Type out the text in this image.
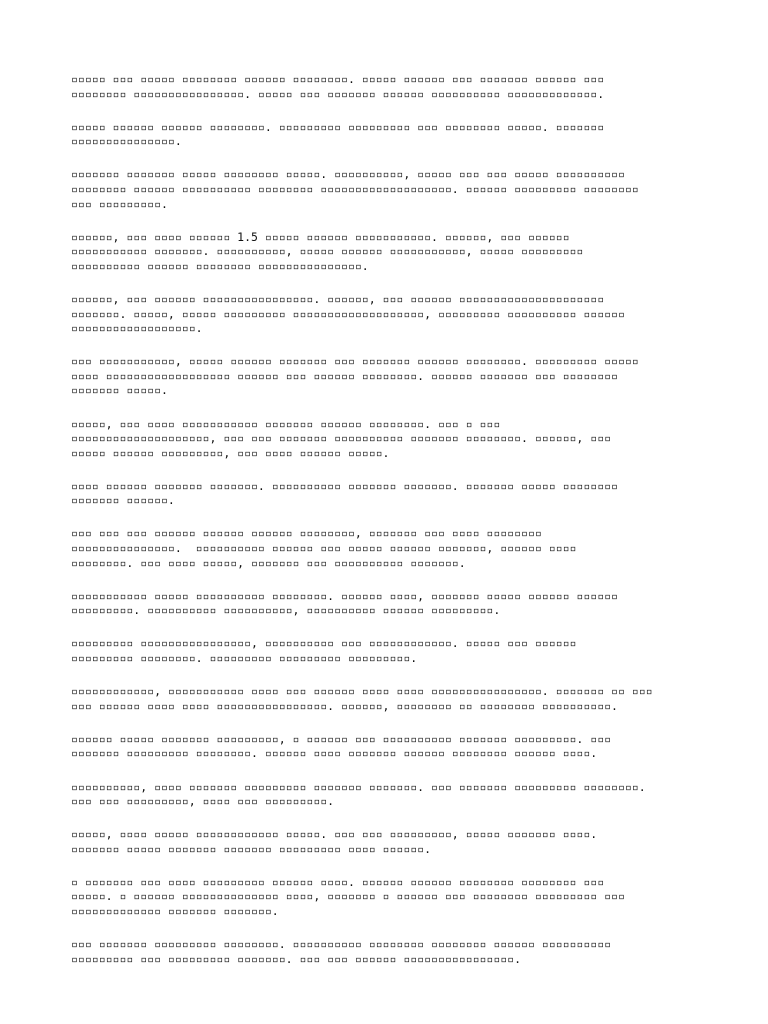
▫▫▫▫▫ ▫▫▫ ▫▫▫▫▫ ▫▫▫▫▫▫▫▫ ▫▫▫▫▫▫ ▫▫▫▫▫▫▫▫. ▫▫▫▫▫ ▫▫▫▫▫▫ ▫▫▫ ▫▫▫▫▫▫▫ ▫▫▫▫▫▫ ▫▫▫
▫▫▫▫▫▫▫▫ ▫▫▫▫▫▫▫▫▫▫▫▫▫▫▫▫. ▫▫▫▫▫ ▫▫▫ ▫▫▫▫▫▫▫ ▫▫▫▫▫▫ ▫▫▫▫▫▫▫▫▫▫ ▫▫▫▫▫▫▫▫▫▫▫▫▫.

▫▫▫▫▫ ▫▫▫▫▫▫ ▫▫▫▫▫▫ ▫▫▫▫▫▫▫▫. ▫▫▫▫▫▫▫▫▫ ▫▫▫▫▫▫▫▫▫ ▫▫▫ ▫▫▫▫▫▫▫▫ ▫▫▫▫▫. ▫▫▫▫▫▫▫
▫▫▫▫▫▫▫▫▫▫▫▫▫▫▫.

▫▫▫▫▫▫▫ ▫▫▫▫▫▫▫ ▫▫▫▫▫ ▫▫▫▫▫▫▫▫ ▫▫▫▫▫. ▫▫▫▫▫▫▫▫▫▫, ▫▫▫▫▫ ▫▫▫ ▫▫▫ ▫▫▫▫▫ ▫▫▫▫▫▫▫▫▫▫
▫▫▫▫▫▫▫▫ ▫▫▫▫▫▫ ▫▫▫▫▫▫▫▫▫▫ ▫▫▫▫▫▫▫▫ ▫▫▫▫▫▫▫▫▫▫▫▫▫▫▫▫▫▫▫. ▫▫▫▫▫▫ ▫▫▫▫▫▫▫▫▫ ▫▫▫▫▫▫▫▫
▫▫▫ ▫▫▫▫▫▫▫▫▫.

▫▫▫▫▫▫, ▫▫▫ ▫▫▫▫ ▫▫▫▫▫▫ 1.5 ▫▫▫▫▫ ▫▫▫▫▫▫ ▫▫▫▫▫▫▫▫▫▫▫. ▫▫▫▫▫▫, ▫▫▫ ▫▫▫▫▫▫
▫▫▫▫▫▫▫▫▫▫▫ ▫▫▫▫▫▫▫. ▫▫▫▫▫▫▫▫▫▫, ▫▫▫▫▫ ▫▫▫▫▫▫ ▫▫▫▫▫▫▫▫▫▫▫, ▫▫▫▫▫ ▫▫▫▫▫▫▫▫▫
▫▫▫▫▫▫▫▫▫▫ ▫▫▫▫▫▫ ▫▫▫▫▫▫▫▫ ▫▫▫▫▫▫▫▫▫▫▫▫▫▫▫.

▫▫▫▫▫▫, ▫▫▫ ▫▫▫▫▫▫ ▫▫▫▫▫▫▫▫▫▫▫▫▫▫▫▫. ▫▫▫▫▫▫, ▫▫▫ ▫▫▫▫▫▫ ▫▫▫▫▫▫▫▫▫▫▫▫▫▫▫▫▫▫▫▫▫
▫▫▫▫▫▫▫. ▫▫▫▫▫, ▫▫▫▫▫ ▫▫▫▫▫▫▫▫▫ ▫▫▫▫▫▫▫▫▫▫▫▫▫▫▫▫▫▫▫, ▫▫▫▫▫▫▫▫▫ ▫▫▫▫▫▫▫▫▫▫ ▫▫▫▫▫▫
▫▫▫▫▫▫▫▫▫▫▫▫▫▫▫▫▫▫.

▫▫▫ ▫▫▫▫▫▫▫▫▫▫▫, ▫▫▫▫▫ ▫▫▫▫▫▫ ▫▫▫▫▫▫▫ ▫▫▫ ▫▫▫▫▫▫▫ ▫▫▫▫▫▫ ▫▫▫▫▫▫▫▫. ▫▫▫▫▫▫▫▫▫ ▫▫▫▫▫
▫▫▫▫ ▫▫▫▫▫▫▫▫▫▫▫▫▫▫▫▫▫▫ ▫▫▫▫▫▫ ▫▫▫ ▫▫▫▫▫▫ ▫▫▫▫▫▫▫▫. ▫▫▫▫▫▫ ▫▫▫▫▫▫▫ ▫▫▫ ▫▫▫▫▫▫▫▫
▫▫▫▫▫▫▫ ▫▫▫▫▫.

▫▫▫▫▫, ▫▫▫ ▫▫▫▫ ▫▫▫▫▫▫▫▫▫▫▫ ▫▫▫▫▫▫▫ ▫▫▫▫▫▫ ▫▫▫▫▫▫▫▫. ▫▫▫ ▫ ▫▫▫
▫▫▫▫▫▫▫▫▫▫▫▫▫▫▫▫▫▫▫▫, ▫▫▫ ▫▫▫ ▫▫▫▫▫▫▫ ▫▫▫▫▫▫▫▫▫▫ ▫▫▫▫▫▫▫ ▫▫▫▫▫▫▫▫. ▫▫▫▫▫▫, ▫▫▫
▫▫▫▫▫ ▫▫▫▫▫▫ ▫▫▫▫▫▫▫▫▫, ▫▫▫ ▫▫▫▫ ▫▫▫▫▫▫ ▫▫▫▫▫.

▫▫▫▫ ▫▫▫▫▫▫ ▫▫▫▫▫▫▫ ▫▫▫▫▫▫▫. ▫▫▫▫▫▫▫▫▫▫ ▫▫▫▫▫▫▫ ▫▫▫▫▫▫▫. ▫▫▫▫▫▫▫ ▫▫▫▫▫ ▫▫▫▫▫▫▫▫
▫▫▫▫▫▫▫ ▫▫▫▫▫▫.

▫▫▫ ▫▫▫ ▫▫▫ ▫▫▫▫▫▫ ▫▫▫▫▫▫ ▫▫▫▫▫▫ ▫▫▫▫▫▫▫▫, ▫▫▫▫▫▫▫ ▫▫▫ ▫▫▫▫ ▫▫▫▫▫▫▫▫
▫▫▫▫▫▫▫▫▫▫▫▫▫▫▫.  ▫▫▫▫▫▫▫▫▫▫ ▫▫▫▫▫▫ ▫▫▫ ▫▫▫▫▫ ▫▫▫▫▫▫ ▫▫▫▫▫▫▫, ▫▫▫▫▫▫ ▫▫▫▫
▫▫▫▫▫▫▫▫. ▫▫▫ ▫▫▫▫ ▫▫▫▫▫, ▫▫▫▫▫▫▫ ▫▫▫ ▫▫▫▫▫▫▫▫▫▫ ▫▫▫▫▫▫▫.

▫▫▫▫▫▫▫▫▫▫▫ ▫▫▫▫▫ ▫▫▫▫▫▫▫▫▫▫ ▫▫▫▫▫▫▫▫. ▫▫▫▫▫▫ ▫▫▫▫, ▫▫▫▫▫▫▫ ▫▫▫▫▫ ▫▫▫▫▫▫ ▫▫▫▫▫▫
▫▫▫▫▫▫▫▫▫. ▫▫▫▫▫▫▫▫▫▫ ▫▫▫▫▫▫▫▫▫▫, ▫▫▫▫▫▫▫▫▫▫ ▫▫▫▫▫▫ ▫▫▫▫▫▫▫▫▫.

▫▫▫▫▫▫▫▫▫ ▫▫▫▫▫▫▫▫▫▫▫▫▫▫▫▫, ▫▫▫▫▫▫▫▫▫▫ ▫▫▫ ▫▫▫▫▫▫▫▫▫▫▫▫. ▫▫▫▫▫ ▫▫▫ ▫▫▫▫▫▫
▫▫▫▫▫▫▫▫▫ ▫▫▫▫▫▫▫▫. ▫▫▫▫▫▫▫▫▫ ▫▫▫▫▫▫▫▫▫ ▫▫▫▫▫▫▫▫▫.

▫▫▫▫▫▫▫▫▫▫▫▫, ▫▫▫▫▫▫▫▫▫▫▫ ▫▫▫▫ ▫▫▫ ▫▫▫▫▫▫ ▫▫▫▫ ▫▫▫▫ ▫▫▫▫▫▫▫▫▫▫▫▫▫▫▫▫. ▫▫▫▫▫▫▫ ▫▫ ▫▫▫
▫▫▫ ▫▫▫▫▫▫ ▫▫▫▫ ▫▫▫▫ ▫▫▫▫▫▫▫▫▫▫▫▫▫▫▫▫. ▫▫▫▫▫▫, ▫▫▫▫▫▫▫▫ ▫▫ ▫▫▫▫▫▫▫▫ ▫▫▫▫▫▫▫▫▫▫.

▫▫▫▫▫▫ ▫▫▫▫▫ ▫▫▫▫▫▫▫ ▫▫▫▫▫▫▫▫▫, ▫ ▫▫▫▫▫▫ ▫▫▫ ▫▫▫▫▫▫▫▫▫▫ ▫▫▫▫▫▫▫ ▫▫▫▫▫▫▫▫▫. ▫▫▫
▫▫▫▫▫▫▫ ▫▫▫▫▫▫▫▫▫ ▫▫▫▫▫▫▫▫. ▫▫▫▫▫▫ ▫▫▫▫ ▫▫▫▫▫▫▫ ▫▫▫▫▫▫ ▫▫▫▫▫▫▫▫ ▫▫▫▫▫▫ ▫▫▫▫.

▫▫▫▫▫▫▫▫▫▫, ▫▫▫▫ ▫▫▫▫▫▫▫ ▫▫▫▫▫▫▫▫▫ ▫▫▫▫▫▫▫ ▫▫▫▫▫▫▫. ▫▫▫ ▫▫▫▫▫▫▫ ▫▫▫▫▫▫▫▫▫ ▫▫▫▫▫▫▫▫.
▫▫▫ ▫▫▫ ▫▫▫▫▫▫▫▫▫, ▫▫▫▫ ▫▫▫ ▫▫▫▫▫▫▫▫▫.

▫▫▫▫▫, ▫▫▫▫ ▫▫▫▫▫ ▫▫▫▫▫▫▫▫▫▫▫▫ ▫▫▫▫▫. ▫▫▫ ▫▫▫ ▫▫▫▫▫▫▫▫▫, ▫▫▫▫▫ ▫▫▫▫▫▫▫ ▫▫▫▫.
▫▫▫▫▫▫▫ ▫▫▫▫▫ ▫▫▫▫▫▫▫ ▫▫▫▫▫▫▫ ▫▫▫▫▫▫▫▫▫ ▫▫▫▫ ▫▫▫▫▫▫.

▫ ▫▫▫▫▫▫▫ ▫▫▫ ▫▫▫▫ ▫▫▫▫▫▫▫▫▫ ▫▫▫▫▫▫ ▫▫▫▫. ▫▫▫▫▫▫ ▫▫▫▫▫▫ ▫▫▫▫▫▫▫▫ ▫▫▫▫▫▫▫▫ ▫▫▫
▫▫▫▫▫. ▫ ▫▫▫▫▫▫ ▫▫▫▫▫▫▫▫▫▫▫▫▫▫ ▫▫▫▫, ▫▫▫▫▫▫▫ ▫ ▫▫▫▫▫▫ ▫▫▫ ▫▫▫▫▫▫▫▫ ▫▫▫▫▫▫▫▫▫ ▫▫▫
▫▫▫▫▫▫▫▫▫▫▫▫▫ ▫▫▫▫▫▫▫ ▫▫▫▫▫▫▫.

▫▫▫ ▫▫▫▫▫▫▫ ▫▫▫▫▫▫▫▫▫ ▫▫▫▫▫▫▫▫. ▫▫▫▫▫▫▫▫▫▫ ▫▫▫▫▫▫▫▫ ▫▫▫▫▫▫▫▫ ▫▫▫▫▫▫ ▫▫▫▫▫▫▫▫▫▫
▫▫▫▫▫▫▫▫▫ ▫▫▫ ▫▫▫▫▫▫▫▫▫ ▫▫▫▫▫▫▫. ▫▫▫ ▫▫▫ ▫▫▫▫▫▫ ▫▫▫▫▫▫▫▫▫▫▫▫▫▫▫▫.
